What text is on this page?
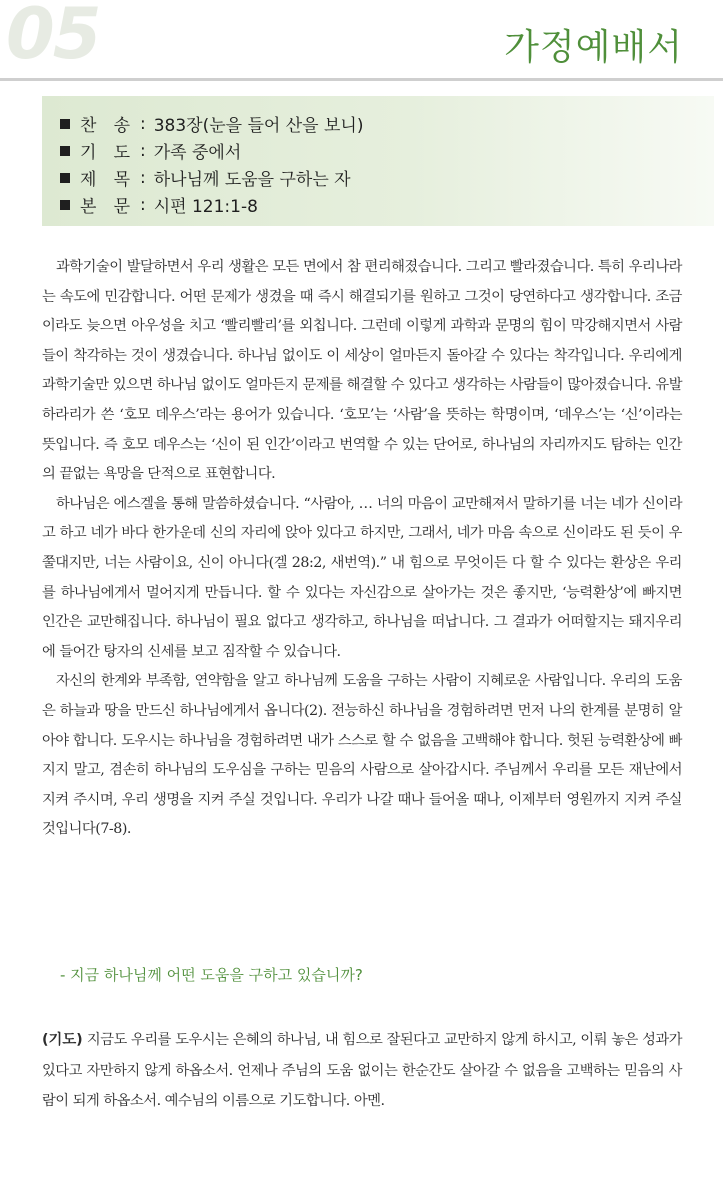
05	가정예배서
찬 송 : 383장(눈을 들어 산을 보니)
기 도 : 가족 중에서
제 목 : 하나님께 도움을 구하는 자
본 문 : 시편 121:1-8

과학기술이 발달하면서 우리 생활은 모든 면에서 참 편리해졌습니다. 그리고 빨라졌습니다. 특히 우리나라는 속도에 민감합니다. 어떤 문제가 생겼을 때 즉시 해결되기를 원하고 그것이 당연하다고 생각합니다. 조금이라도 늦으면 아우성을 치고 ‘빨리빨리’를 외칩니다. 그런데 이렇게 과학과 문명의 힘이 막강해지면서 사람들이 착각하는 것이 생겼습니다. 하나님 없이도 이 세상이 얼마든지 돌아갈 수 있다는 착각입니다. 우리에게 과학기술만 있으면 하나님 없이도 얼마든지 문제를 해결할 수 있다고 생각하는 사람들이 많아졌습니다. 유발 하라리가 쓴 ‘호모 데우스’라는 용어가 있습니다. ‘호모’는 ‘사람’을 뜻하는 학명이며, ‘데우스’는 ‘신’이라는 뜻입니다. 즉 호모 데우스는 ‘신이 된 인간’이라고 번역할 수 있는 단어로, 하나님의 자리까지도 탐하는 인간의 끝없는 욕망을 단적으로 표현합니다.

하나님은 에스겔을 통해 말씀하셨습니다. “사람아, … 너의 마음이 교만해져서 말하기를 너는 네가 신이라고 하고 네가 바다 한가운데 신의 자리에 앉아 있다고 하지만, 그래서, 네가 마음 속으로 신이라도 된 듯이 우쭐대지만, 너는 사람이요, 신이 아니다(겔 28:2, 새번역).” 내 힘으로 무엇이든 다 할 수 있다는 환상은 우리를 하나님에게서 멀어지게 만듭니다. 할 수 있다는 자신감으로 살아가는 것은 좋지만, ‘능력환상’에 빠지면 인간은 교만해집니다. 하나님이 필요 없다고 생각하고, 하나님을 떠납니다. 그 결과가 어떠할지는 돼지우리에 들어간 탕자의 신세를 보고 짐작할 수 있습니다.

자신의 한계와 부족함, 연약함을 알고 하나님께 도움을 구하는 사람이 지혜로운 사람입니다. 우리의 도움은 하늘과 땅을 만드신 하나님에게서 옵니다(2). 전능하신 하나님을 경험하려면 먼저 나의 한계를 분명히 알아야 합니다. 도우시는 하나님을 경험하려면 내가 스스로 할 수 없음을 고백해야 합니다. 헛된 능력환상에 빠지지 말고, 겸손히 하나님의 도우심을 구하는 믿음의 사람으로 살아갑시다. 주님께서 우리를 모든 재난에서 지켜 주시며, 우리 생명을 지켜 주실 것입니다. 우리가 나갈 때나 들어올 때나, 이제부터 영원까지 지켜 주실 것입니다(7-8).

- 지금 하나님께 어떤 도움을 구하고 있습니까?
(기도) 지금도 우리를 도우시는 은혜의 하나님, 내 힘으로 잘된다고 교만하지 않게 하시고, 이뤄 놓은 성과가 있다고 자만하지 않게 하옵소서. 언제나 주님의 도움 없이는 한순간도 살아갈 수 없음을 고백하는 믿음의 사람이 되게 하옵소서. 예수님의 이름으로 기도합니다. 아멘.
